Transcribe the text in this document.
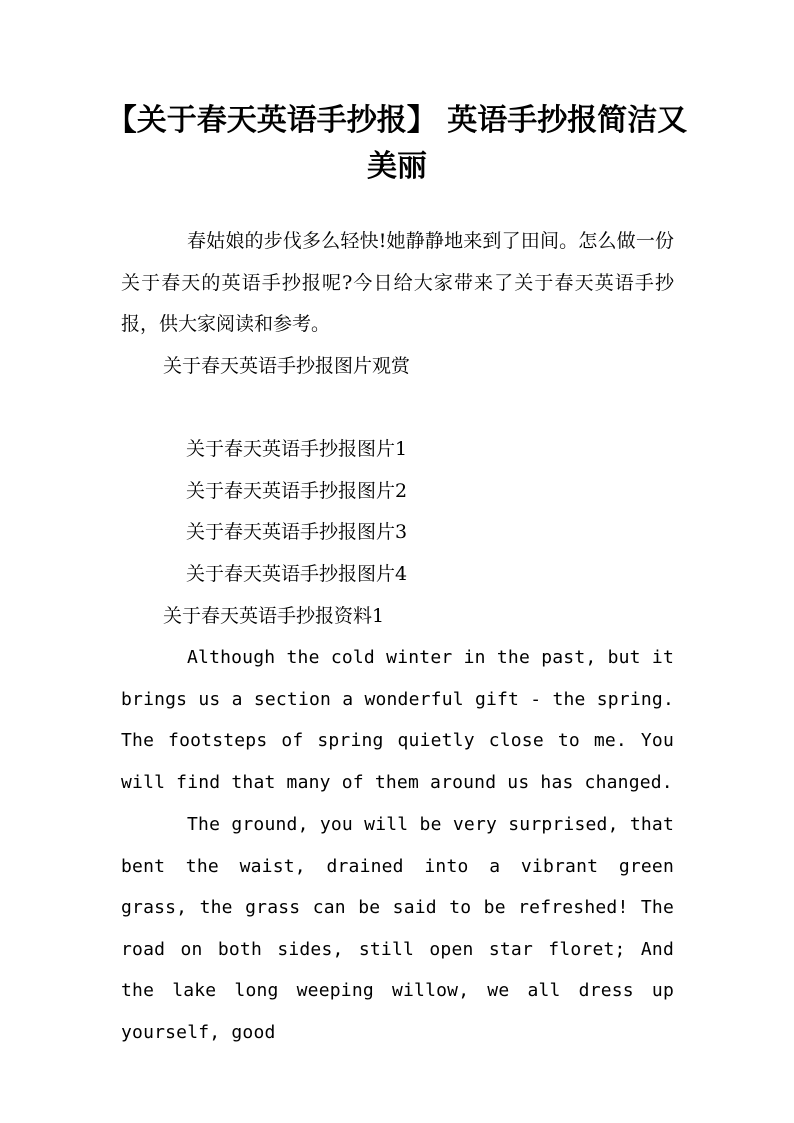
【关于春天英语手抄报】 英语手抄报简洁又美丽

春姑娘的步伐多么轻快!她静静地来到了田间。怎么做一份关于春天的英语手抄报呢?今日给大家带来了关于春天英语手抄报，供大家阅读和参考。

关于春天英语手抄报图片观赏

关于春天英语手抄报图片1

关于春天英语手抄报图片2

关于春天英语手抄报图片3

关于春天英语手抄报图片4

关于春天英语手抄报资料1

Although the cold winter in the past, but it brings us a section a wonderful gift - the spring. The footsteps of spring quietly close to me. You will find that many of them around us has changed.

The ground, you will be very surprised, that bent the waist, drained into a vibrant green grass, the grass can be said to be refreshed! The road on both sides, still open star floret; And the lake long weeping willow, we all dress up yourself, good
